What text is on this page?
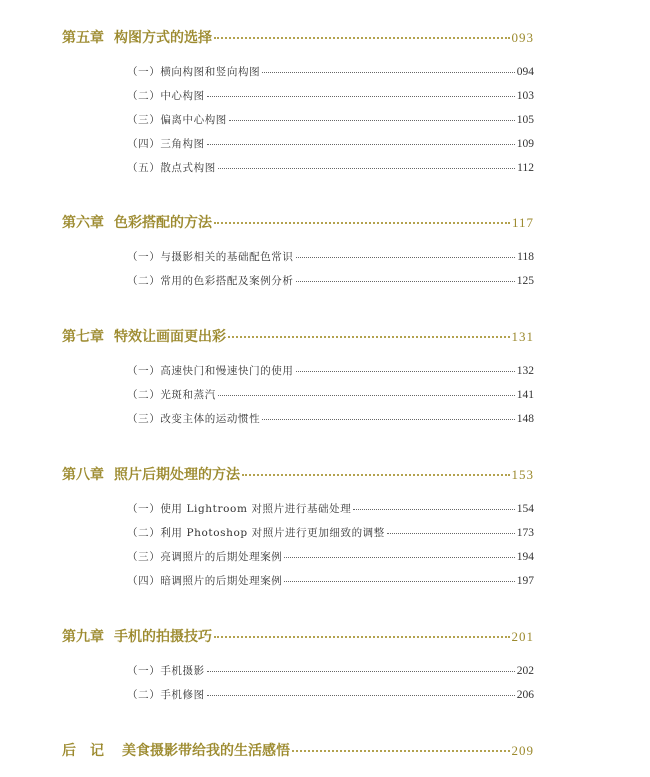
第五章 构图方式的选择	093
（一） 横向构图和竖向构图	094
（二） 中心构图	103
（三） 偏离中心构图	105
（四） 三角构图	109
（五） 散点式构图	112
第六章 色彩搭配的方法	117
（一） 与摄影相关的基础配色常识	118
（二） 常用的色彩搭配及案例分析	125
第七章 特效让画面更出彩	131
（一） 高速快门和慢速快门的使用	132
（二） 光斑和蒸汽	141
（三） 改变主体的运动惯性	148
第八章 照片后期处理的方法	153
（一） 使用 Lightroom 对照片进行基础处理	154
（二） 利用 Photoshop 对照片进行更加细致的调整	173
（三） 亮调照片的后期处理案例	194
（四） 暗调照片的后期处理案例	197
第九章 手机的拍摄技巧	201
（一） 手机摄影	202
（二） 手机修图	206
后　记 美食摄影带给我的生活感悟	209
